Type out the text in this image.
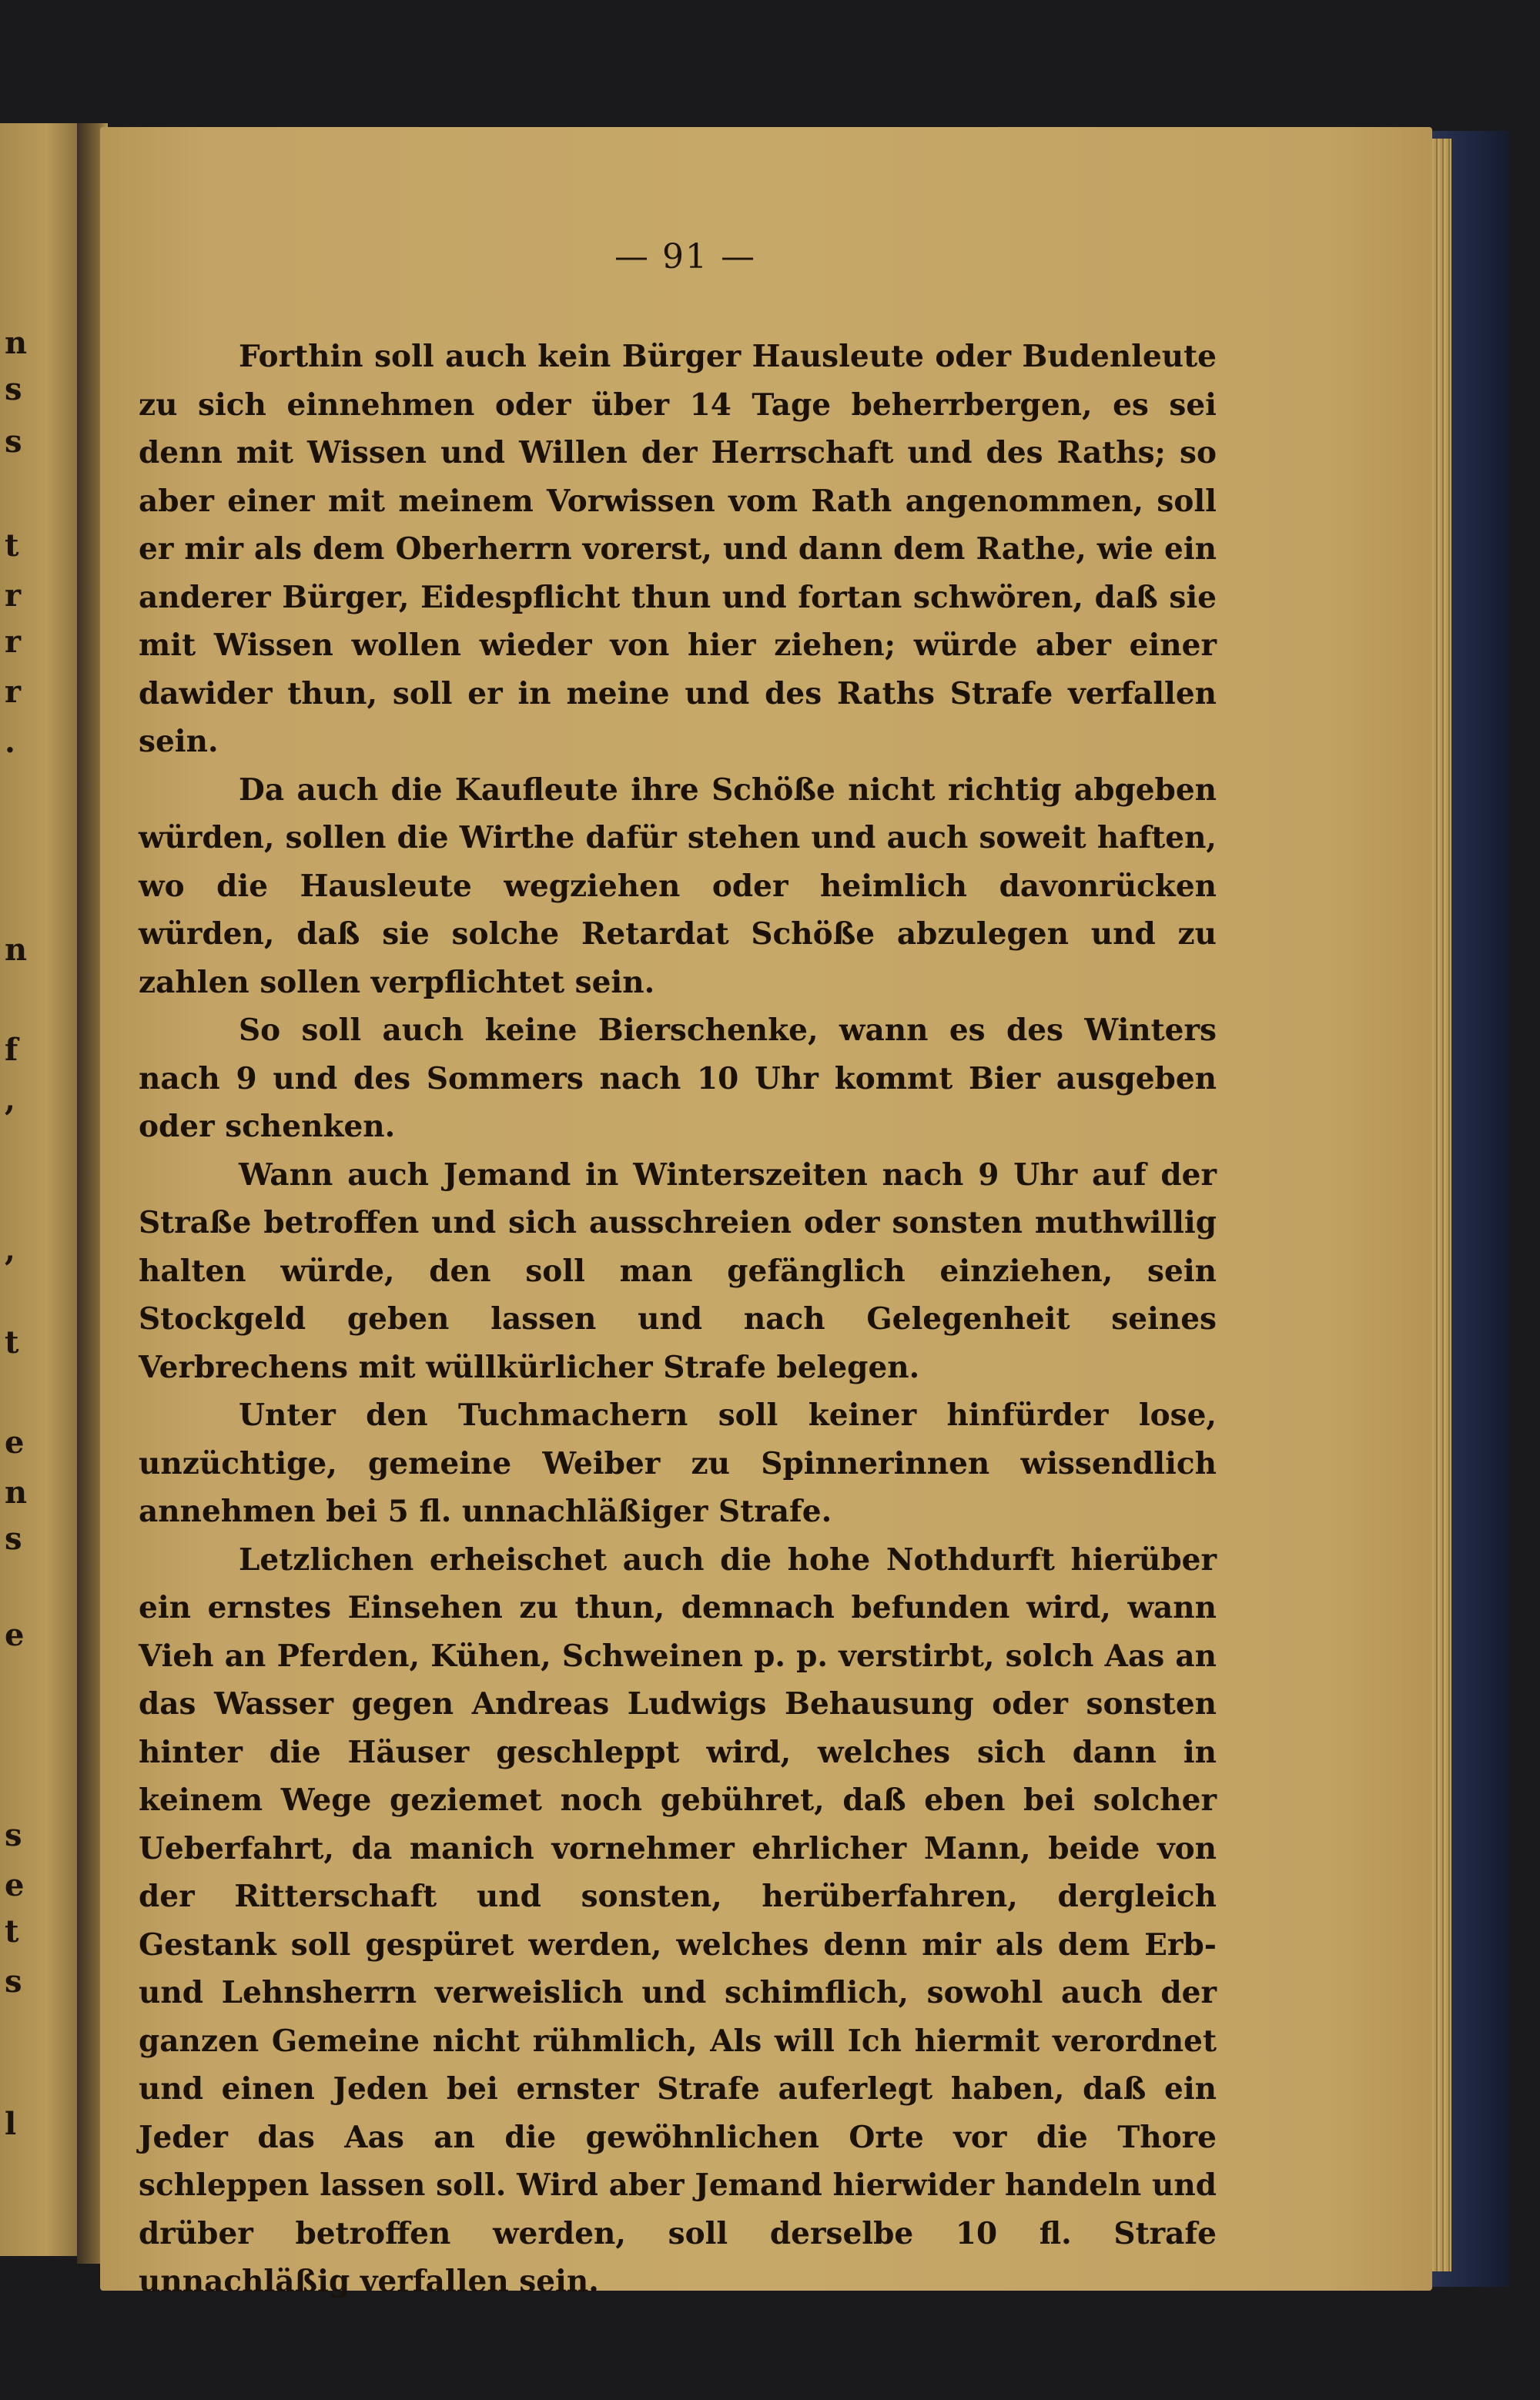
n
s
s
t
r
r
r
.
n
f
,
,
t
e
n
s
e
s
e
t
s
l
— 91 —

Forthin soll auch kein Bürger Hausleute oder Budenleute zu sich einnehmen oder über 14 Tage beherrbergen, es sei denn mit Wissen und Willen der Herrschaft und des Raths; so aber einer mit meinem Vorwissen vom Rath angenommen, soll er mir als dem Oberherrn vorerst, und dann dem Rathe, wie ein anderer Bürger, Eidespflicht thun und fortan schwören, daß sie mit Wissen wollen wieder von hier ziehen; würde aber einer dawider thun, soll er in meine und des Raths Strafe verfallen sein.

Da auch die Kaufleute ihre Schöße nicht richtig abgeben würden, sollen die Wirthe dafür stehen und auch soweit haften, wo die Hausleute wegziehen oder heimlich davonrücken würden, daß sie solche Retardat Schöße abzulegen und zu zahlen sollen verpflichtet sein.

So soll auch keine Bierschenke, wann es des Winters nach 9 und des Sommers nach 10 Uhr kommt Bier ausgeben oder schenken.

Wann auch Jemand in Winterszeiten nach 9 Uhr auf der Straße betroffen und sich ausschreien oder sonsten muthwillig halten würde, den soll man gefänglich einziehen, sein Stockgeld geben lassen und nach Gelegenheit seines Verbrechens mit wüllkürlicher Strafe belegen.

Unter den Tuchmachern soll keiner hinfürder lose, unzüchtige, gemeine Weiber zu Spinnerinnen wissendlich annehmen bei 5 fl. unnachläßiger Strafe.

Letzlichen erheischet auch die hohe Nothdurft hierüber ein ernstes Einsehen zu thun, demnach befunden wird, wann Vieh an Pferden, Kühen, Schweinen p. p. verstirbt, solch Aas an das Wasser gegen Andreas Ludwigs Behausung oder sonsten hinter die Häuser geschleppt wird, welches sich dann in keinem Wege geziemet noch gebühret, daß eben bei solcher Ueberfahrt, da manich vornehmer ehrlicher Mann, beide von der Ritterschaft und sonsten, herüberfahren, dergleich Gestank soll gespüret werden, welches denn mir als dem Erb- und Lehnsherrn verweislich und schimflich, sowohl auch der ganzen Gemeine nicht rühmlich, Als will Ich hiermit verordnet und einen Jeden bei ernster Strafe auferlegt haben, daß ein Jeder das Aas an die gewöhnlichen Orte vor die Thore schleppen lassen soll. Wird aber Jemand hierwider handeln und drüber betroffen werden, soll derselbe 10 fl. Strafe unnachläßig verfallen sein.
